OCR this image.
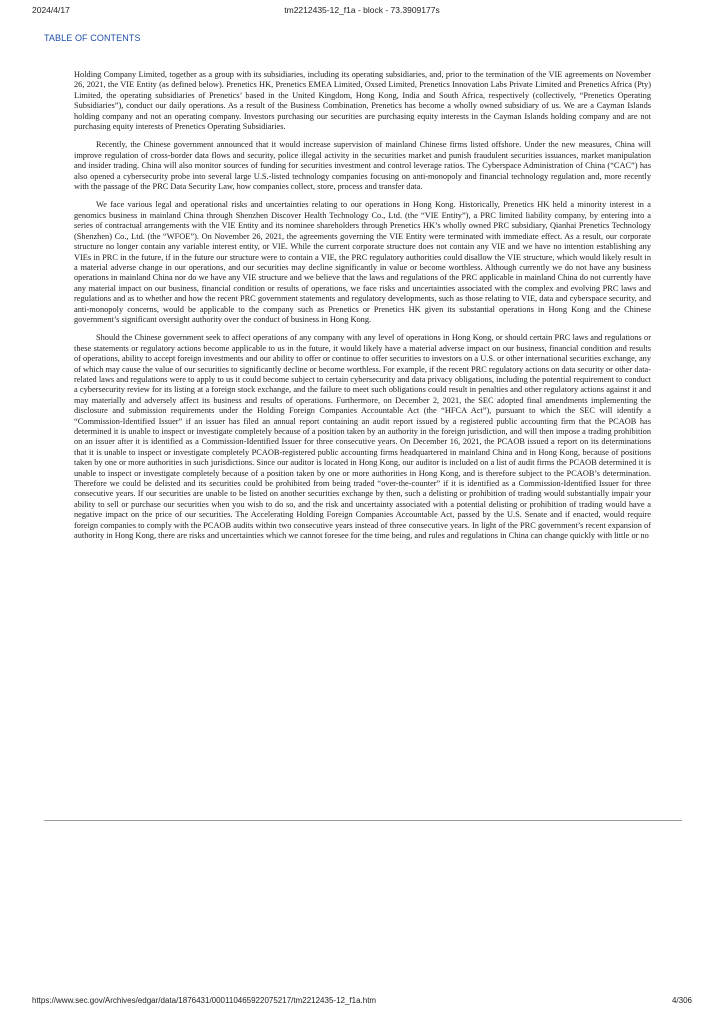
2024/4/17	tm2212435-12_f1a - block - 73.3909177s
TABLE OF CONTENTS

Holding Company Limited, together as a group with its subsidiaries, including its operating subsidiaries, and, prior to the termination of the VIE agreements on November 26, 2021, the VIE Entity (as defined below). Prenetics HK, Prenetics EMEA Limited, Oxsed Limited, Prenetics Innovation Labs Private Limited and Prenetics Africa (Pty) Limited, the operating subsidiaries of Prenetics’ based in the United Kingdom, Hong Kong, India and South Africa, respectively (collectively, “Prenetics Operating Subsidiaries”), conduct our daily operations. As a result of the Business Combination, Prenetics has become a wholly owned subsidiary of us. We are a Cayman Islands holding company and not an operating company. Investors purchasing our securities are purchasing equity interests in the Cayman Islands holding company and are not purchasing equity interests of Prenetics Operating Subsidiaries.

Recently, the Chinese government announced that it would increase supervision of mainland Chinese firms listed offshore. Under the new measures, China will improve regulation of cross-border data flows and security, police illegal activity in the securities market and punish fraudulent securities issuances, market manipulation and insider trading. China will also monitor sources of funding for securities investment and control leverage ratios. The Cyberspace Administration of China (“CAC”) has also opened a cybersecurity probe into several large U.S.-listed technology companies focusing on anti-monopoly and financial technology regulation and, more recently with the passage of the PRC Data Security Law, how companies collect, store, process and transfer data.

We face various legal and operational risks and uncertainties relating to our operations in Hong Kong. Historically, Prenetics HK held a minority interest in a genomics business in mainland China through Shenzhen Discover Health Technology Co., Ltd. (the “VIE Entity”), a PRC limited liability company, by entering into a series of contractual arrangements with the VIE Entity and its nominee shareholders through Prenetics HK’s wholly owned PRC subsidiary, Qianhai Prenetics Technology (Shenzhen) Co., Ltd. (the “WFOE”). On November 26, 2021, the agreements governing the VIE Entity were terminated with immediate effect. As a result, our corporate structure no longer contain any variable interest entity, or VIE. While the current corporate structure does not contain any VIE and we have no intention establishing any VIEs in PRC in the future, if in the future our structure were to contain a VIE, the PRC regulatory authorities could disallow the VIE structure, which would likely result in a material adverse change in our operations, and our securities may decline significantly in value or become worthless. Although currently we do not have any business operations in mainland China nor do we have any VIE structure and we believe that the laws and regulations of the PRC applicable in mainland China do not currently have any material impact on our business, financial condition or results of operations, we face risks and uncertainties associated with the complex and evolving PRC laws and regulations and as to whether and how the recent PRC government statements and regulatory developments, such as those relating to VIE, data and cyberspace security, and anti-monopoly concerns, would be applicable to the company such as Prenetics or Prenetics HK given its substantial operations in Hong Kong and the Chinese government’s significant oversight authority over the conduct of business in Hong Kong.

Should the Chinese government seek to affect operations of any company with any level of operations in Hong Kong, or should certain PRC laws and regulations or these statements or regulatory actions become applicable to us in the future, it would likely have a material adverse impact on our business, financial condition and results of operations, ability to accept foreign investments and our ability to offer or continue to offer securities to investors on a U.S. or other international securities exchange, any of which may cause the value of our securities to significantly decline or become worthless. For example, if the recent PRC regulatory actions on data security or other data-related laws and regulations were to apply to us it could become subject to certain cybersecurity and data privacy obligations, including the potential requirement to conduct a cybersecurity review for its listing at a foreign stock exchange, and the failure to meet such obligations could result in penalties and other regulatory actions against it and may materially and adversely affect its business and results of operations. Furthermore, on December 2, 2021, the SEC adopted final amendments implementing the disclosure and submission requirements under the Holding Foreign Companies Accountable Act (the “HFCA Act”), pursuant to which the SEC will identify a “Commission-Identified Issuer” if an issuer has filed an annual report containing an audit report issued by a registered public accounting firm that the PCAOB has determined it is unable to inspect or investigate completely because of a position taken by an authority in the foreign jurisdiction, and will then impose a trading prohibition on an issuer after it is identified as a Commission-Identified Issuer for three consecutive years. On December 16, 2021, the PCAOB issued a report on its determinations that it is unable to inspect or investigate completely PCAOB-registered public accounting firms headquartered in mainland China and in Hong Kong, because of positions taken by one or more authorities in such jurisdictions. Since our auditor is located in Hong Kong, our auditor is included on a list of audit firms the PCAOB determined it is unable to inspect or investigate completely because of a position taken by one or more authorities in Hong Kong, and is therefore subject to the PCAOB’s determination. Therefore we could be delisted and its securities could be prohibited from being traded “over-the-counter” if it is identified as a Commission-Identified Issuer for three consecutive years. If our securities are unable to be listed on another securities exchange by then, such a delisting or prohibition of trading would substantially impair your ability to sell or purchase our securities when you wish to do so, and the risk and uncertainty associated with a potential delisting or prohibition of trading would have a negative impact on the price of our securities. The Accelerating Holding Foreign Companies Accountable Act, passed by the U.S. Senate and if enacted, would require foreign companies to comply with the PCAOB audits within two consecutive years instead of three consecutive years. In light of the PRC government’s recent expansion of authority in Hong Kong, there are risks and uncertainties which we cannot foresee for the time being, and rules and regulations in China can change quickly with little or no

https://www.sec.gov/Archives/edgar/data/1876431/000110465922075217/tm2212435-12_f1a.htm	4/306
